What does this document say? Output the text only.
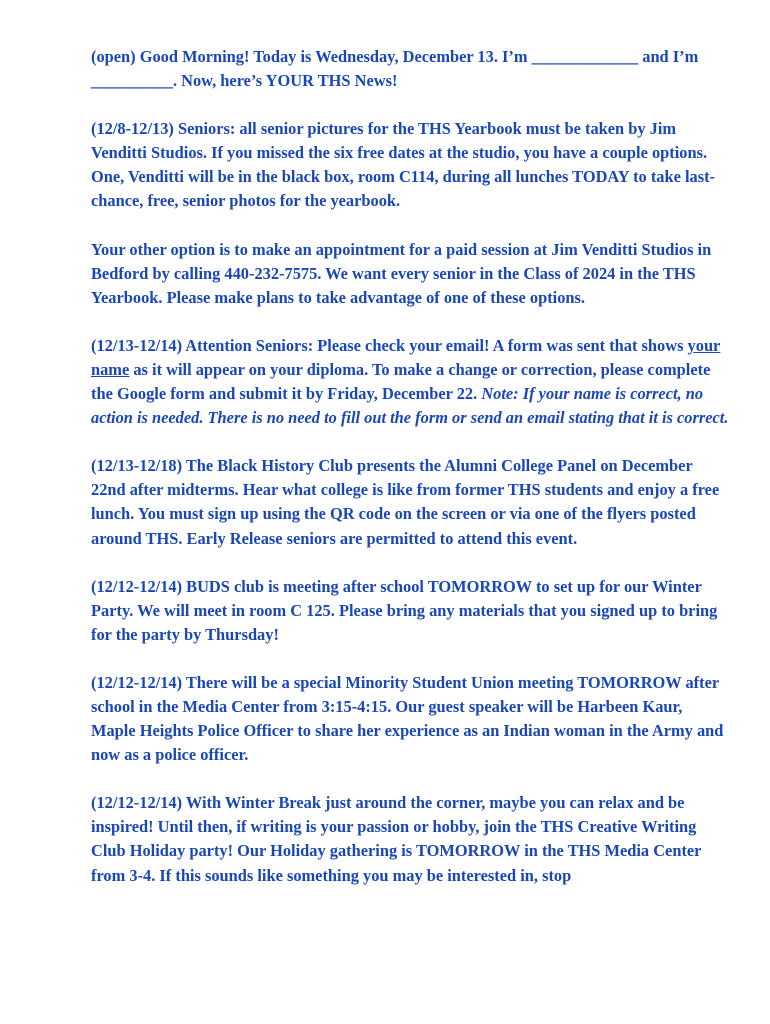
(open) Good Morning! Today is Wednesday, December 13. I’m _____________ and I’m __________. Now, here’s YOUR THS News!

(12/8-12/13) Seniors: all senior pictures for the THS Yearbook must be taken by Jim Venditti Studios. If you missed the six free dates at the studio, you have a couple options. One, Venditti will be in the black box, room C114, during all lunches TODAY to take last-chance, free, senior photos for the yearbook.

Your other option is to make an appointment for a paid session at Jim Venditti Studios in Bedford by calling 440-232-7575. We want every senior in the Class of 2024 in the THS Yearbook. Please make plans to take advantage of one of these options.

(12/13-12/14) Attention Seniors: Please check your email! A form was sent that shows your name as it will appear on your diploma. To make a change or correction, please complete the Google form and submit it by Friday, December 22. Note: If your name is correct, no action is needed. There is no need to fill out the form or send an email stating that it is correct.

(12/13-12/18) The Black History Club presents the Alumni College Panel on December 22nd after midterms. Hear what college is like from former THS students and enjoy a free lunch. You must sign up using the QR code on the screen or via one of the flyers posted around THS. Early Release seniors are permitted to attend this event.

(12/12-12/14) BUDS club is meeting after school TOMORROW to set up for our Winter Party. We will meet in room C 125. Please bring any materials that you signed up to bring for the party by Thursday!

(12/12-12/14) There will be a special Minority Student Union meeting TOMORROW after school in the Media Center from 3:15-4:15. Our guest speaker will be Harbeen Kaur, Maple Heights Police Officer to share her experience as an Indian woman in the Army and now as a police officer.

(12/12-12/14) With Winter Break just around the corner, maybe you can relax and be inspired! Until then, if writing is your passion or hobby, join the THS Creative Writing Club Holiday party! Our Holiday gathering is TOMORROW in the THS Media Center from 3-4. If this sounds like something you may be interested in, stop
